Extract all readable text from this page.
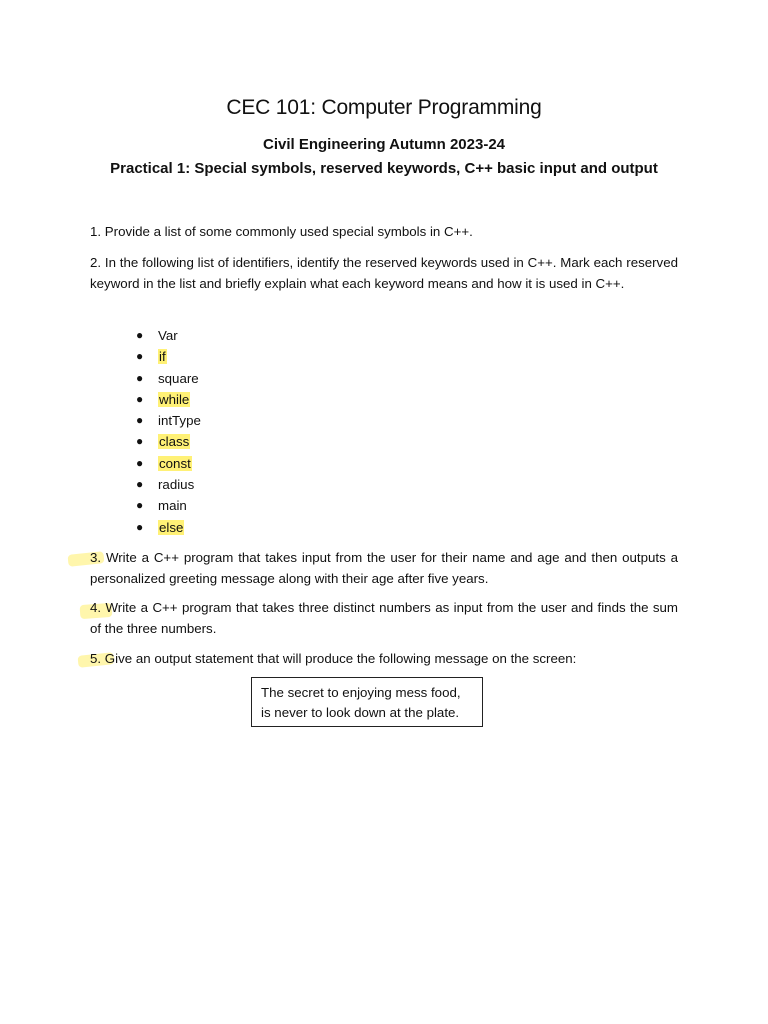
CEC 101: Computer Programming
Civil Engineering Autumn 2023-24
Practical 1: Special symbols, reserved keywords, C++ basic input and output
1. Provide a list of some commonly used special symbols in C++.
2. In the following list of identifiers, identify the reserved keywords used in C++. Mark each reserved keyword in the list and briefly explain what each keyword means and how it is used in C++.
● Var
● if
● square
● while
● intType
● class
● const
● radius
● main
● else
3. Write a C++ program that takes input from the user for their name and age and then outputs a personalized greeting message along with their age after five years.
4. Write a C++ program that takes three distinct numbers as input from the user and finds the sum of the three numbers.
5. Give an output statement that will produce the following message on the screen:
The secret to enjoying mess food,
is never to look down at the plate.
